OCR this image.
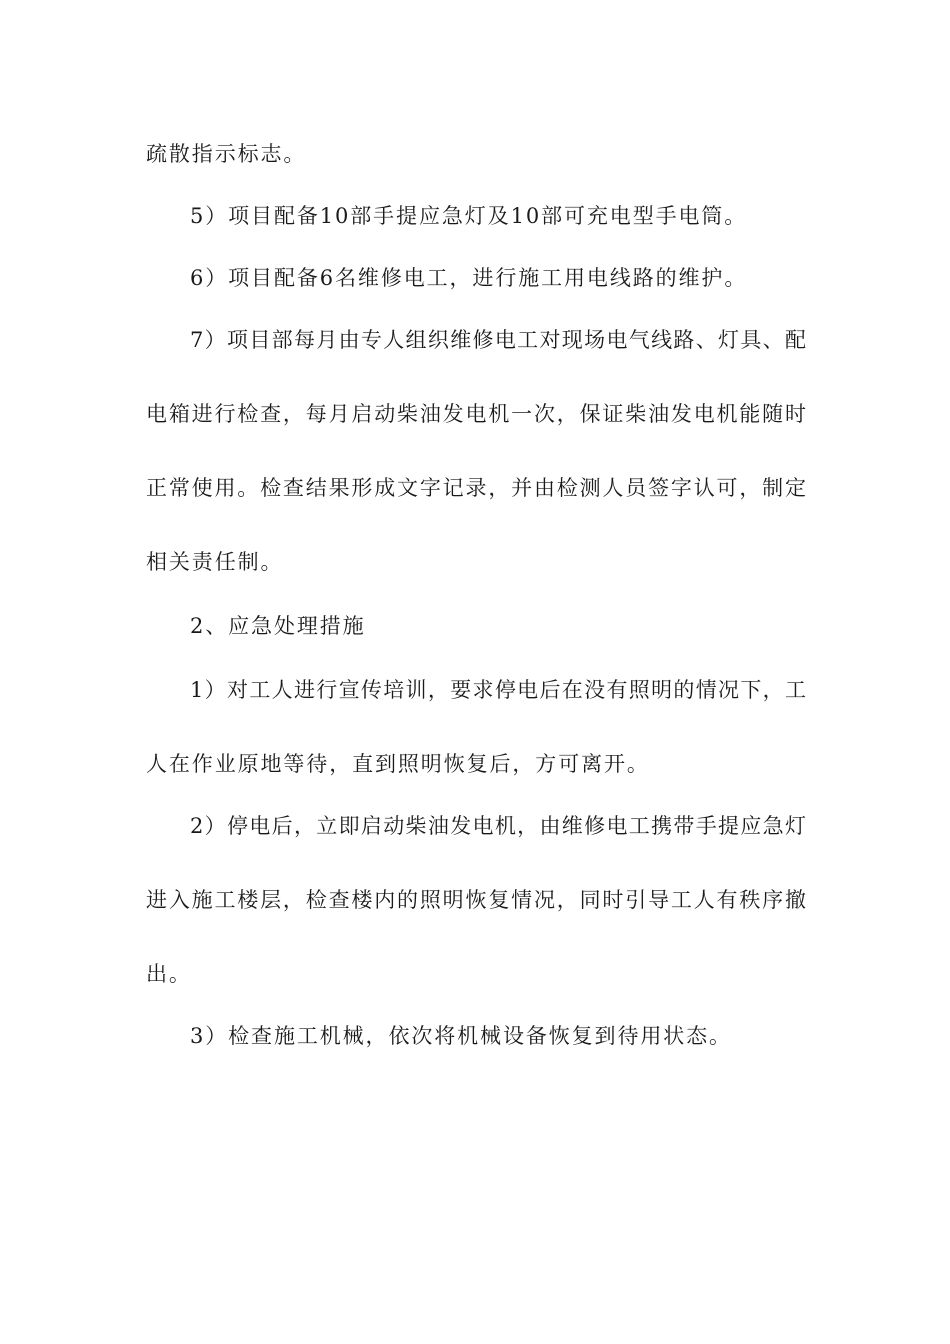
疏散指示标志。

5）项目配备10部手提应急灯及10部可充电型手电筒。

6）项目配备6名维修电工，进行施工用电线路的维护。

7）项目部每月由专人组织维修电工对现场电气线路、灯具、配

电箱进行检查，每月启动柴油发电机一次，保证柴油发电机能随时

正常使用。检查结果形成文字记录，并由检测人员签字认可，制定

相关责任制。

2、应急处理措施

1）对工人进行宣传培训，要求停电后在没有照明的情况下，工

人在作业原地等待，直到照明恢复后，方可离开。

2）停电后，立即启动柴油发电机，由维修电工携带手提应急灯

进入施工楼层，检查楼内的照明恢复情况，同时引导工人有秩序撤

出。

3）检查施工机械，依次将机械设备恢复到待用状态。
